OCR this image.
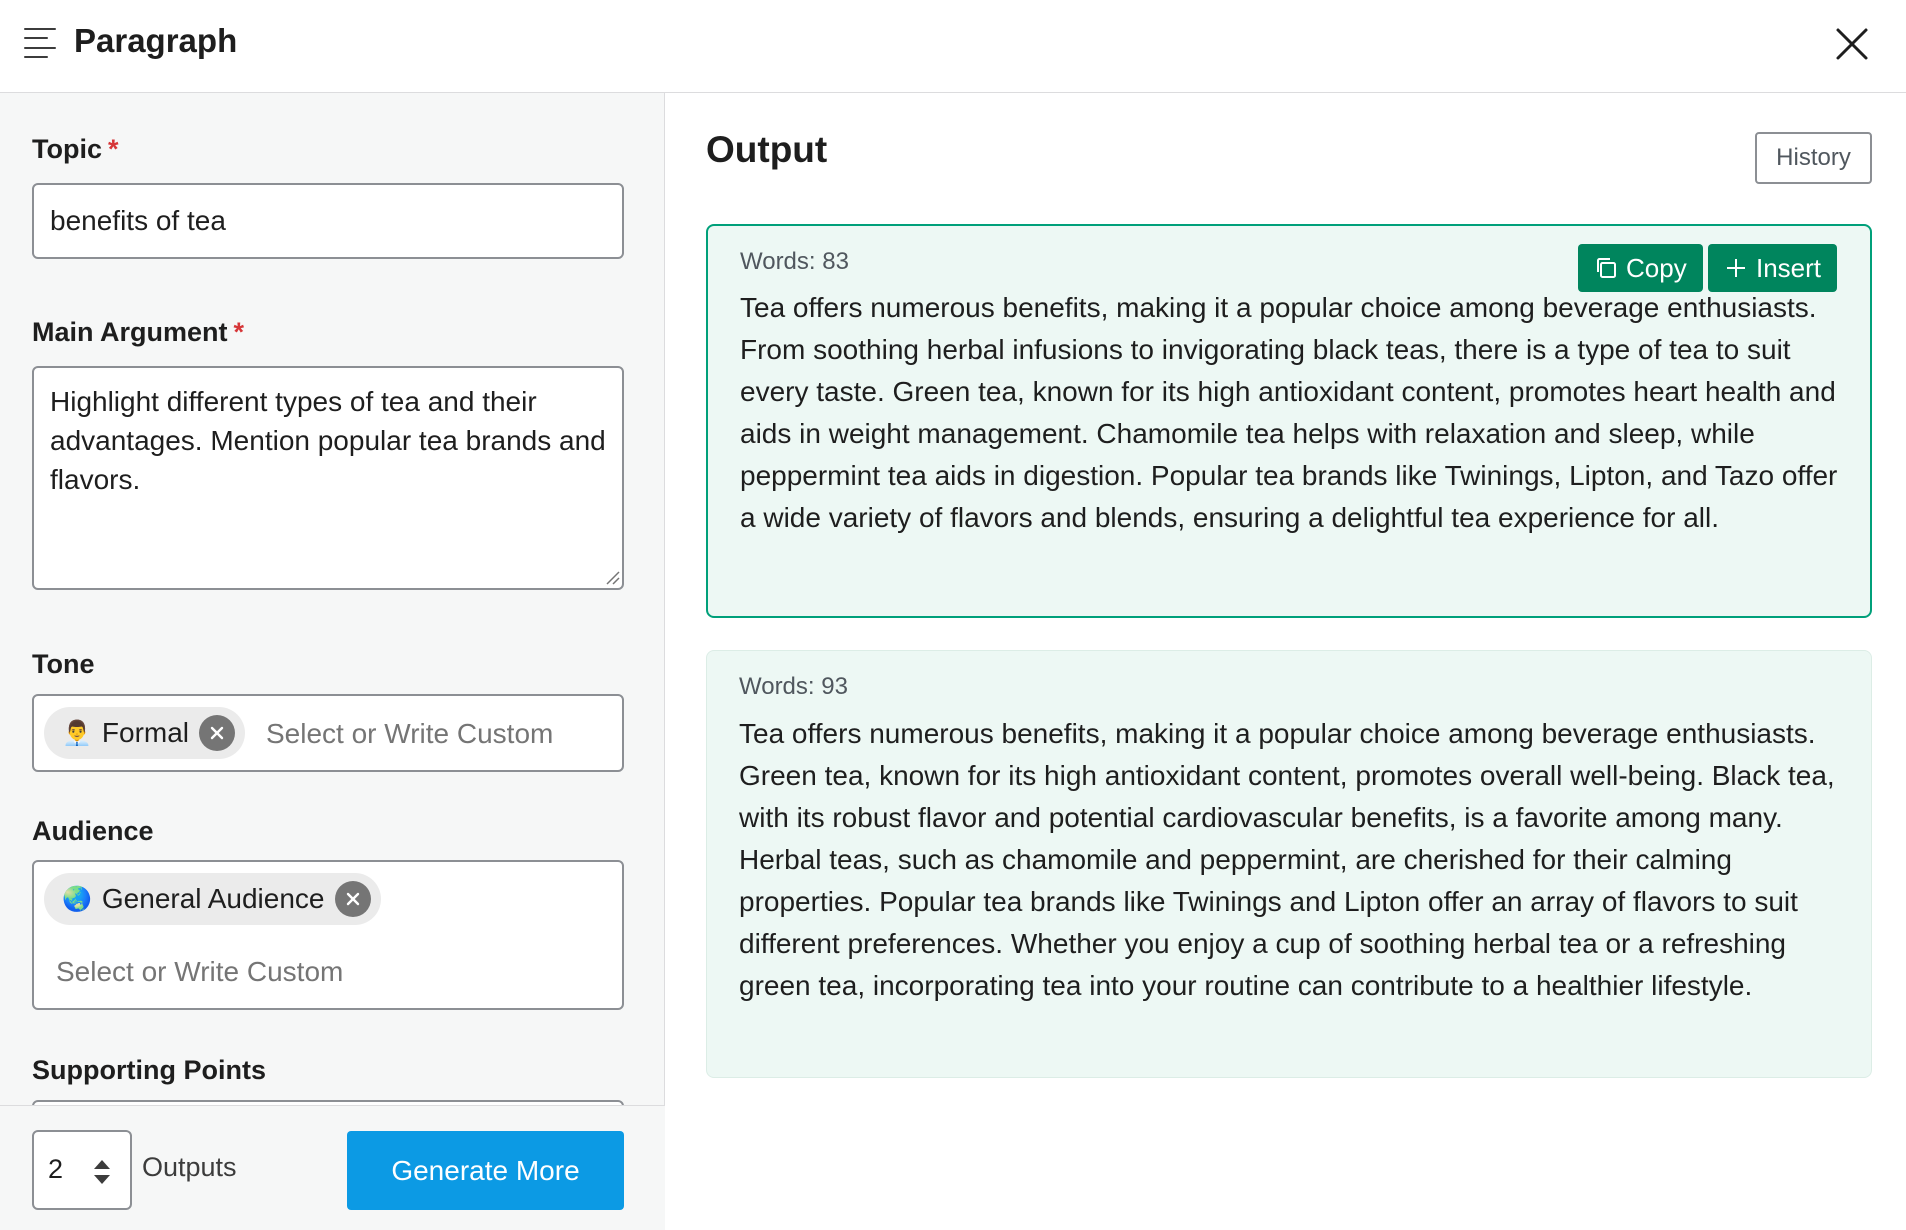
Paragraph
Topic *
benefits of tea
Main Argument *
Highlight different types of tea and their advantages. Mention popular tea brands and flavors.
Tone
👨‍💼 Formal	Select or Write Custom
Audience
🌏 General Audience
Select or Write Custom
Supporting Points
2	Outputs	Generate More
Output	History
Words: 83	Copy	Insert
Tea offers numerous benefits, making it a popular choice among beverage enthusiasts. From soothing herbal infusions to invigorating black teas, there is a type of tea to suit every taste. Green tea, known for its high antioxidant content, promotes heart health and aids in weight management. Chamomile tea helps with relaxation and sleep, while peppermint tea aids in digestion. Popular tea brands like Twinings, Lipton, and Tazo offer a wide variety of flavors and blends, ensuring a delightful tea experience for all.
Words: 93
Tea offers numerous benefits, making it a popular choice among beverage enthusiasts. Green tea, known for its high antioxidant content, promotes overall well-being. Black tea, with its robust flavor and potential cardiovascular benefits, is a favorite among many. Herbal teas, such as chamomile and peppermint, are cherished for their calming properties. Popular tea brands like Twinings and Lipton offer an array of flavors to suit different preferences. Whether you enjoy a cup of soothing herbal tea or a refreshing green tea, incorporating tea into your routine can contribute to a healthier lifestyle.
